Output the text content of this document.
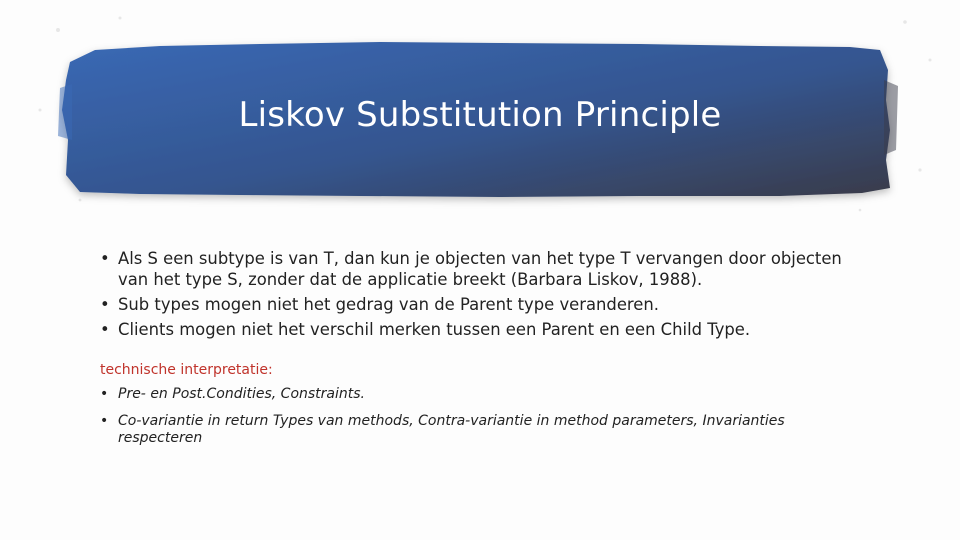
Liskov Substitution Principle
• Als S een subtype is van T, dan kun je objecten van het type T vervangen door objecten van het type S, zonder dat de applicatie breekt (Barbara Liskov, 1988).
• Sub types mogen niet het gedrag van de Parent type veranderen.
• Clients mogen niet het verschil merken tussen een Parent en een Child Type.
technische interpretatie:
• Pre- en Post.Condities, Constraints.
• Co-variantie in return Types van methods, Contra-variantie in method parameters, Invarianties respecteren
